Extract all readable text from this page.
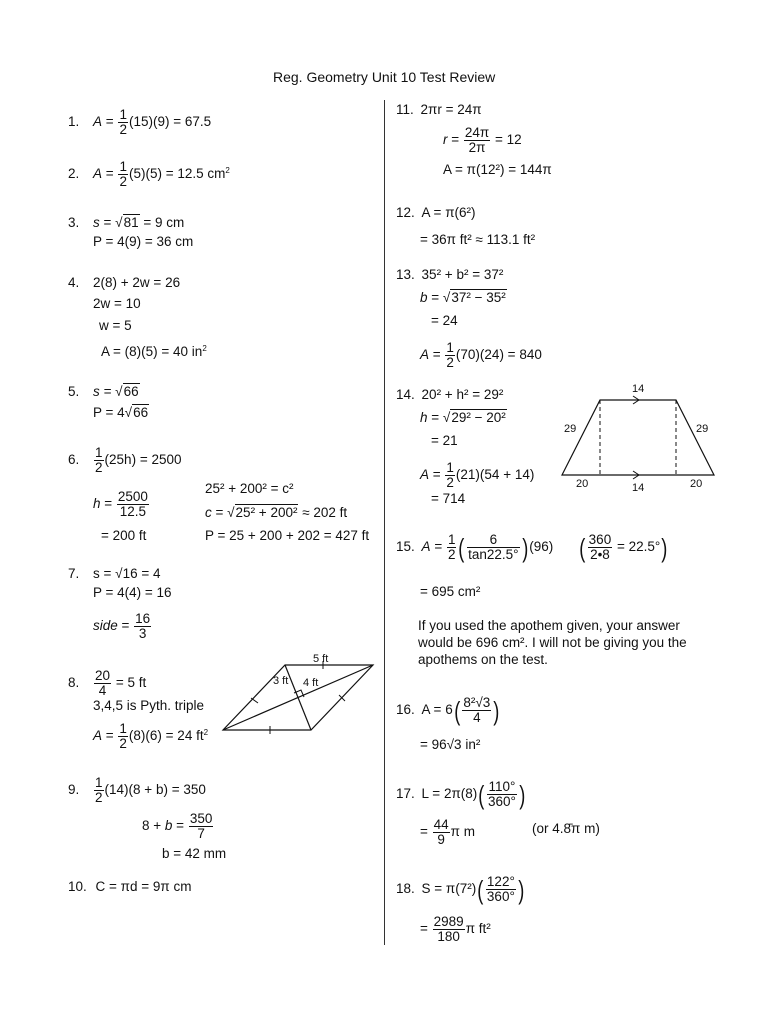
Reg. Geometry Unit 10 Test Review
1. $A = \frac{1}{2} (15)(9) = 67.5$
2. $A = \frac{1}{2} (5)(5) = 12.5$ $cm^2$
3. s = √81 = 9 cm
P = 4(9) = 36 cm
4. 2(8) + 2w = 26
2w = 10
w = 5
A = (8)(5) = 40 $in^2$
5. s = √66
P = 4√66
6. $\frac{1}{2} (25h) = 2500$
$h = \frac{2500}{12.5}$
= 200 ft
25² + 200² = c²
c = √25² + 200² ≈ 202 ft
P = 25 + 200 + 202 = 427 ft
7. s = √16 = 4
P = 4(4) = 16
side = $\frac{16}{3}$
8. $\frac{20}{4} = 5$ ft
3,4,5 is Pyth. triple
$A = \frac{1}{2} (8)(6) = 24$ $ft^2$
5 ft
3 ft 4 ft
9. $\frac{1}{2} (14)(8 + b) = 350$
$8 + b = \frac{350}{7}$
b = 42 mm
10. C = πd = 9π cm
11. 2πr = 24π
$r = \frac{24\pi}{2\pi} = 12$
A = π(12²) = 144π
12. A = π(6²)
= 36π ft² ≈ 113.1 ft²
13. 35² + b² = 37²
b = √37² − 35²
= 24
$A = \frac{1}{2} (70)(24) = 840$
14. 20² + h² = 29²
h = √29² − 20²
= 21
$A = \frac{1}{2} (21)(54 + 14)$
= 714
14
29	29
20	14	20
15. $A = \frac{1}{2}$ ( $\frac{6}{\tan 22.5^\circ} )(96)$ ( $\frac{360}{2•8} = 22.5^\circ$)
= 695 cm²
If you used the apothem given, your answer would be 696 cm². I will not be giving you the apothems on the test.
16. $A = 6( \frac{\text{8²√3}}{4}$ )
= 96√3 in²
17. $L = 2\pi(8)( \frac{110^\circ}{360^\circ}$ )
= $\frac{44}{9}$ π m	(or 4.8̄π m)
18. $S = \pi(7^2)( \frac{122^\circ}{360^\circ}$ )
= $\frac{2989}{180}$ π ft²
